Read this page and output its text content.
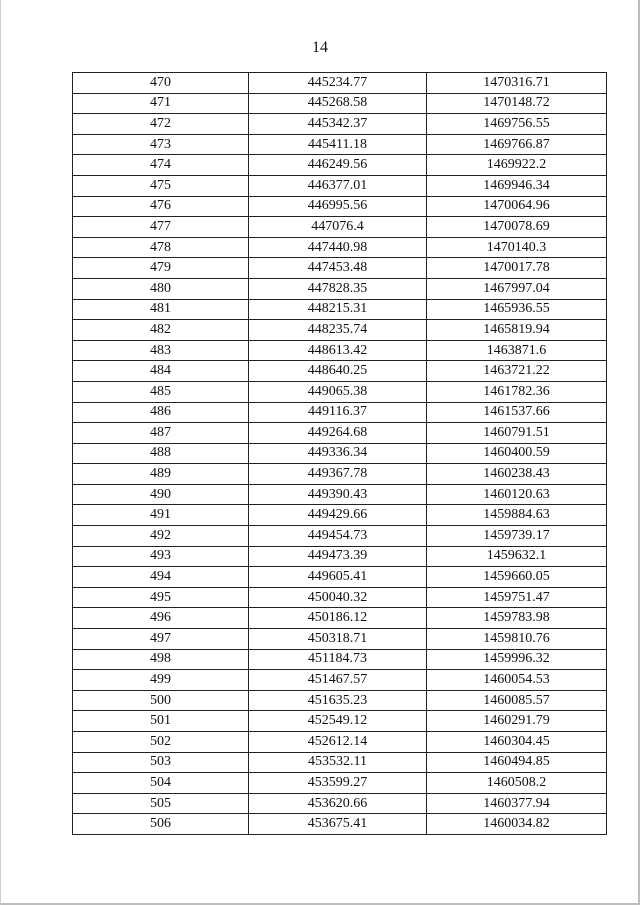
14
470	445234.77	1470316.71
471	445268.58	1470148.72
472	445342.37	1469756.55
473	445411.18	1469766.87
474	446249.56	1469922.2
475	446377.01	1469946.34
476	446995.56	1470064.96
477	447076.4	1470078.69
478	447440.98	1470140.3
479	447453.48	1470017.78
480	447828.35	1467997.04
481	448215.31	1465936.55
482	448235.74	1465819.94
483	448613.42	1463871.6
484	448640.25	1463721.22
485	449065.38	1461782.36
486	449116.37	1461537.66
487	449264.68	1460791.51
488	449336.34	1460400.59
489	449367.78	1460238.43
490	449390.43	1460120.63
491	449429.66	1459884.63
492	449454.73	1459739.17
493	449473.39	1459632.1
494	449605.41	1459660.05
495	450040.32	1459751.47
496	450186.12	1459783.98
497	450318.71	1459810.76
498	451184.73	1459996.32
499	451467.57	1460054.53
500	451635.23	1460085.57
501	452549.12	1460291.79
502	452612.14	1460304.45
503	453532.11	1460494.85
504	453599.27	1460508.2
505	453620.66	1460377.94
506	453675.41	1460034.82
